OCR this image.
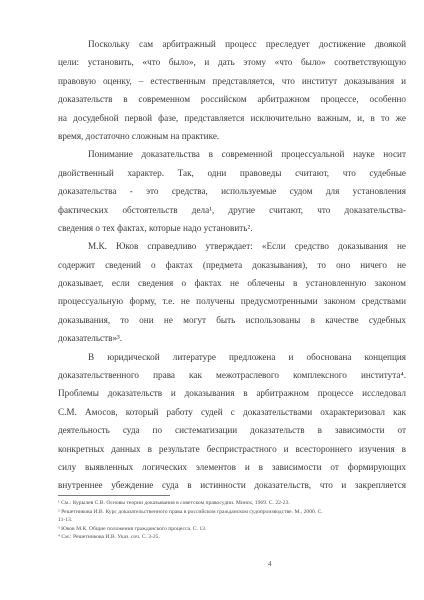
Поскольку сам арбитражный процесс преследует достижение двоякой
цели: установить, «что было», и дать этому «что было» соответствующую
правовую оценку, – естественным представляется, что институт доказывания и
доказательств в современном российском арбитражном процессе, особенно
на досудебной первой фазе, представляется исключительно важным, и, в то же
время, достаточно сложным на практике.
Понимание доказательства в современной процессуальной науке носит
двойственный характер. Так, одни правоведы считают, что судебные
доказательства - это средства, используемые судом для установления
фактических обстоятельств дела¹, другие считают, что доказательства-
сведения о тех фактах, которые надо установить².
М.К. Юков справедливо утверждает: «Если средство доказывания не
содержит сведений о фактах (предмета доказывания), то оно ничего не
доказывает, если сведения о фактах не облечены в установленную законом
процессуальную форму, т.е. не получены предусмотренными законом средствами
доказывания, то они не могут быть использованы в качестве судебных
доказательств»³.
В юридической литературе предложена и обоснована концепция
доказательственного права как межотраслевого комплексного института⁴.
Проблемы доказательств и доказывания в арбитражном процессе исследовал
С.М. Амосов, который работу судей с доказательствами охарактеризовал как
деятельность суда по систематизации доказательств в зависимости от
конкретных данных в результате беспристрастного и всестороннего изучения в
силу выявленных логических элементов и в зависимости от формирующих
внутреннее убеждение суда в истинности доказательств, что и закрепляется
¹ См.: Курылев С.В. Основы теории доказывания в советском правосудии. Минск, 1969. С. 22-23.
² Решетникова И.В. Курс доказательственного права в российском гражданском судопроизводстве. М., 2000. С.
11-13.
³ Юков М.К. Общие положения гражданского процесса. С. 13.
⁴ См.: Решетникова И.В. Указ. соч. С. 3-25.
4
